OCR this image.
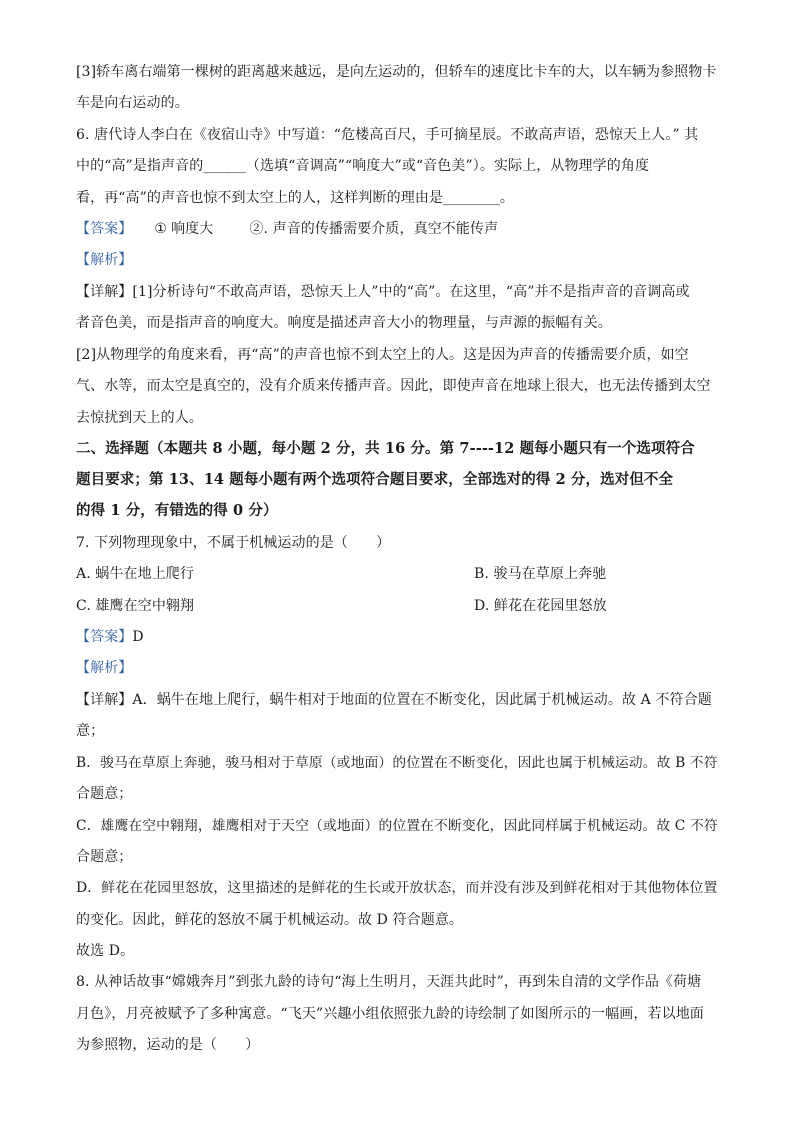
[3]轿车离右端第一棵树的距离越来越远，是向左运动的，但轿车的速度比卡车的大，以车辆为参照物卡
车是向右运动的。
6. 唐代诗人李白在《夜宿山寺》中写道：“危楼高百尺，手可摘星辰。不敢高声语，恐惊天上人。” 其
中的“高”是指声音的______（选填“音调高”“响度大”或“音色美”）。实际上，从物理学的角度
看，再“高”的声音也惊不到太空上的人，这样判断的理由是________。
【答案】 ① 响度大	②. 声音的传播需要介质，真空不能传声
【解析】
【详解】[1]分析诗句“不敢高声语，恐惊天上人”中的“高”。在这里，“高”并不是指声音的音调高或
者音色美，而是指声音的响度大。响度是描述声音大小的物理量，与声源的振幅有关。
[2]从物理学的角度来看，再“高”的声音也惊不到太空上的人。这是因为声音的传播需要介质，如空
气、水等，而太空是真空的，没有介质来传播声音。因此，即使声音在地球上很大，也无法传播到太空
去惊扰到天上的人。
二、选择题（本题共 8 小题，每小题 2 分，共 16 分。第 7----12 题每小题只有一个选项符合
题目要求；第 13、14 题每小题有两个选项符合题目要求，全部选对的得 2 分，选对但不全
的得 1 分，有错选的得 0 分）
7. 下列物理现象中，不属于机械运动的是（　　）
A. 蜗牛在地上爬行	B. 骏马在草原上奔驰
C. 雄鹰在空中翱翔	D. 鲜花在花园里怒放
【答案】D
【解析】
【详解】A．蜗牛在地上爬行，蜗牛相对于地面的位置在不断变化，因此属于机械运动。故 A 不符合题
意；
B．骏马在草原上奔驰，骏马相对于草原（或地面）的位置在不断变化，因此也属于机械运动。故 B 不符
合题意；
C．雄鹰在空中翱翔，雄鹰相对于天空（或地面）的位置在不断变化，因此同样属于机械运动。故 C 不符
合题意；
D．鲜花在花园里怒放，这里描述的是鲜花的生长或开放状态，而并没有涉及到鲜花相对于其他物体位置
的变化。因此，鲜花的怒放不属于机械运动。故 D 符合题意。
故选 D。
8. 从神话故事“嫦娥奔月”到张九龄的诗句“海上生明月，天涯共此时”，再到朱自清的文学作品《荷塘
月色》，月亮被赋予了多种寓意。“飞天”兴趣小组依照张九龄的诗绘制了如图所示的一幅画，若以地面
为参照物，运动的是（　　）
